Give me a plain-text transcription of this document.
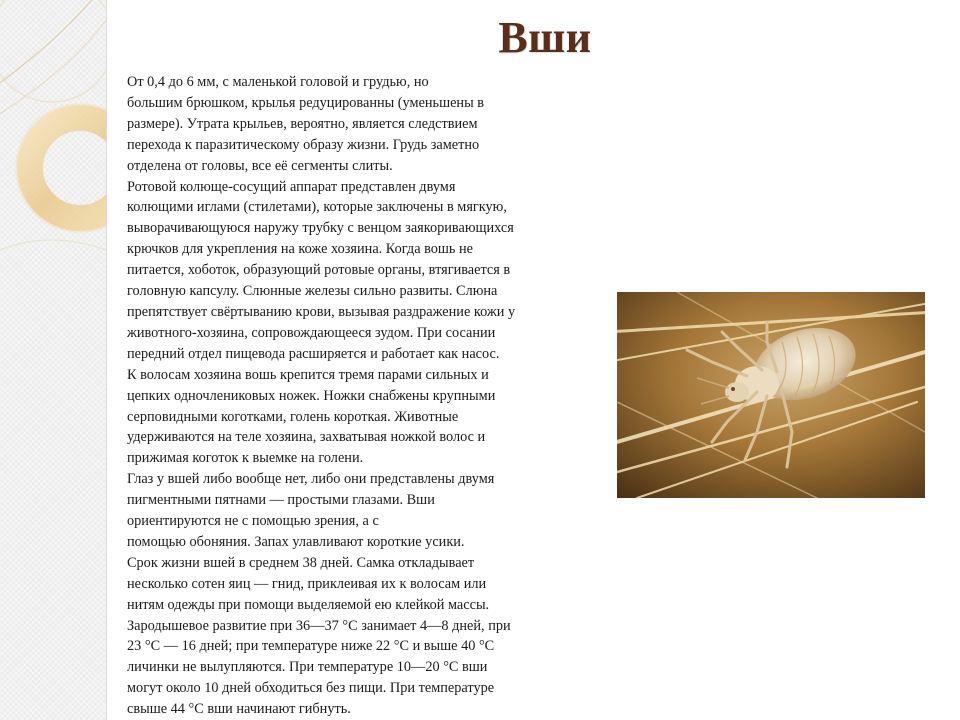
Вши
От 0,4 до 6 мм, с маленькой головой и грудью, но
большим брюшком, крылья редуцированны (уменьшены в
размере). Утрата крыльев, вероятно, является следствием
перехода к паразитическому образу жизни. Грудь заметно
отделена от головы, все её сегменты слиты.
Ротовой колюще-сосущий аппарат представлен двумя
колющими иглами (стилетами), которые заключены в мягкую,
выворачивающуюся наружу трубку с венцом заякоривающихся
крючков для укрепления на коже хозяина. Когда вошь не
питается, хоботок, образующий ротовые органы, втягивается в
головную капсулу. Слюнные железы сильно развиты. Слюна
препятствует свёртыванию крови, вызывая раздражение кожи у
животного-хозяина, сопровождающееся зудом. При сосании
передний отдел пищевода расширяется и работает как насос.
К волосам хозяина вошь крепится тремя парами сильных и
цепких одночлениковых ножек. Ножки снабжены крупными
серповидными коготками, голень короткая. Животные
удерживаются на теле хозяина, захватывая ножкой волос и
прижимая коготок к выемке на голени.
Глаз у вшей либо вообще нет, либо они представлены двумя
пигментными пятнами — простыми глазами. Вши
ориентируются не с помощью зрения, а с
помощью обоняния. Запах улавливают короткие усики.
Срок жизни вшей в среднем 38 дней. Самка откладывает
несколько сотен яиц — гнид, приклеивая их к волосам или
нитям одежды при помощи выделяемой ею клейкой массы.
Зародышевое развитие при 36—37 °С занимает 4—8 дней, при
23 °С — 16 дней; при температуре ниже 22 °С и выше 40 °С
личинки не вылупляются. При температуре 10—20 °С вши
могут около 10 дней обходиться без пищи. При температуре
свыше 44 °С вши начинают гибнуть.
